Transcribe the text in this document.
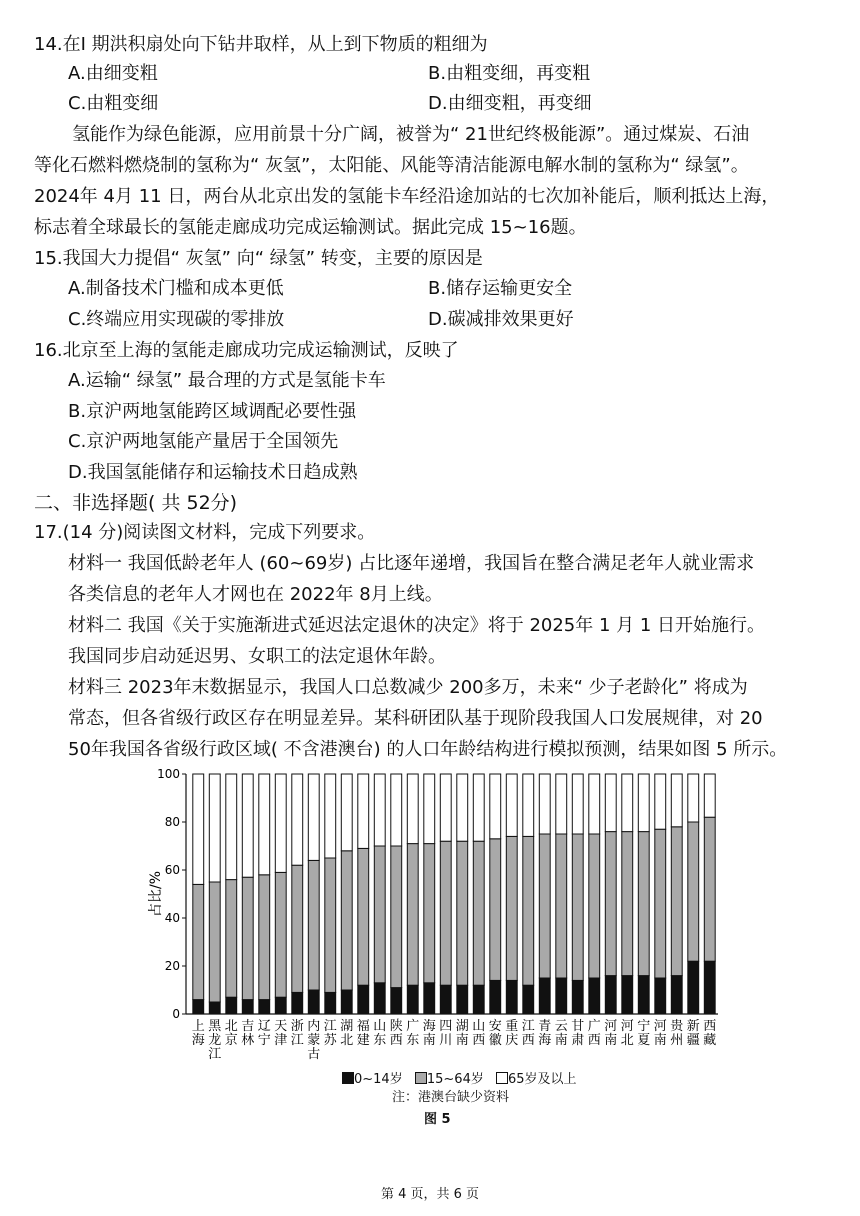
14.在Ⅰ 期洪积扇处向下钻井取样，从上到下物质的粗细为
A.由细变粗	B.由粗变细，再变粗
C.由粗变细	D.由细变粗，再变细
氢能作为绿色能源，应用前景十分广阔，被誉为“ 21世纪终极能源”。通过煤炭、石油
等化石燃料燃烧制的氢称为“ 灰氢”，太阳能、风能等清洁能源电解水制的氢称为“ 绿氢”。
2024年 4月 11 日，两台从北京出发的氢能卡车经沿途加站的七次加补能后，顺利抵达上海，
标志着全球最长的氢能走廊成功完成运输测试。据此完成 15~16题。
15.我国大力提倡“ 灰氢” 向“ 绿氢” 转变，主要的原因是
A.制备技术门槛和成本更低	B.储存运输更安全
C.终端应用实现碳的零排放	D.碳减排效果更好
16.北京至上海的氢能走廊成功完成运输测试，反映了
A.运输“ 绿氢” 最合理的方式是氢能卡车
B.京沪两地氢能跨区域调配必要性强
C.京沪两地氢能产量居于全国领先
D.我国氢能储存和运输技术日趋成熟
二、非选择题( 共 52分)
17.(14 分)阅读图文材料，完成下列要求。
材料一 我国低龄老年人 (60~69岁) 占比逐年递增，我国旨在整合满足老年人就业需求
各类信息的老年人才网也在 2022年 8月上线。
材料二 我国《关于实施渐进式延迟法定退休的决定》将于 2025年 1 月 1 日开始施行。
我国同步启动延迟男、女职工的法定退休年龄。
材料三 2023年末数据显示，我国人口总数减少 200多万，未来“ 少子老龄化” 将成为
常态，但各省级行政区存在明显差异。某科研团队基于现阶段我国人口发展规律，对 20
50年我国各省级行政区域( 不含港澳台) 的人口年龄结构进行模拟预测，结果如图 5 所示。
0
20
40
60
80
100
占比/%
上
海
黑
龙
江
北
京
吉
林
辽
宁
天
津
浙
江
内
蒙
古
江
苏
湖
北
福
建
山
东
陕
西
广
东
海
南
四
川
湖
南
山
西
安
徽
重
庆
江
西
青
海
云
南
甘
肃
广
西
河
南
河
北
宁
夏
河
南
贵
州
新
疆
西
藏
0~14岁 15~64岁 65岁及以上
注：港澳台缺少资料
图 5
第 4 页，共 6 页
